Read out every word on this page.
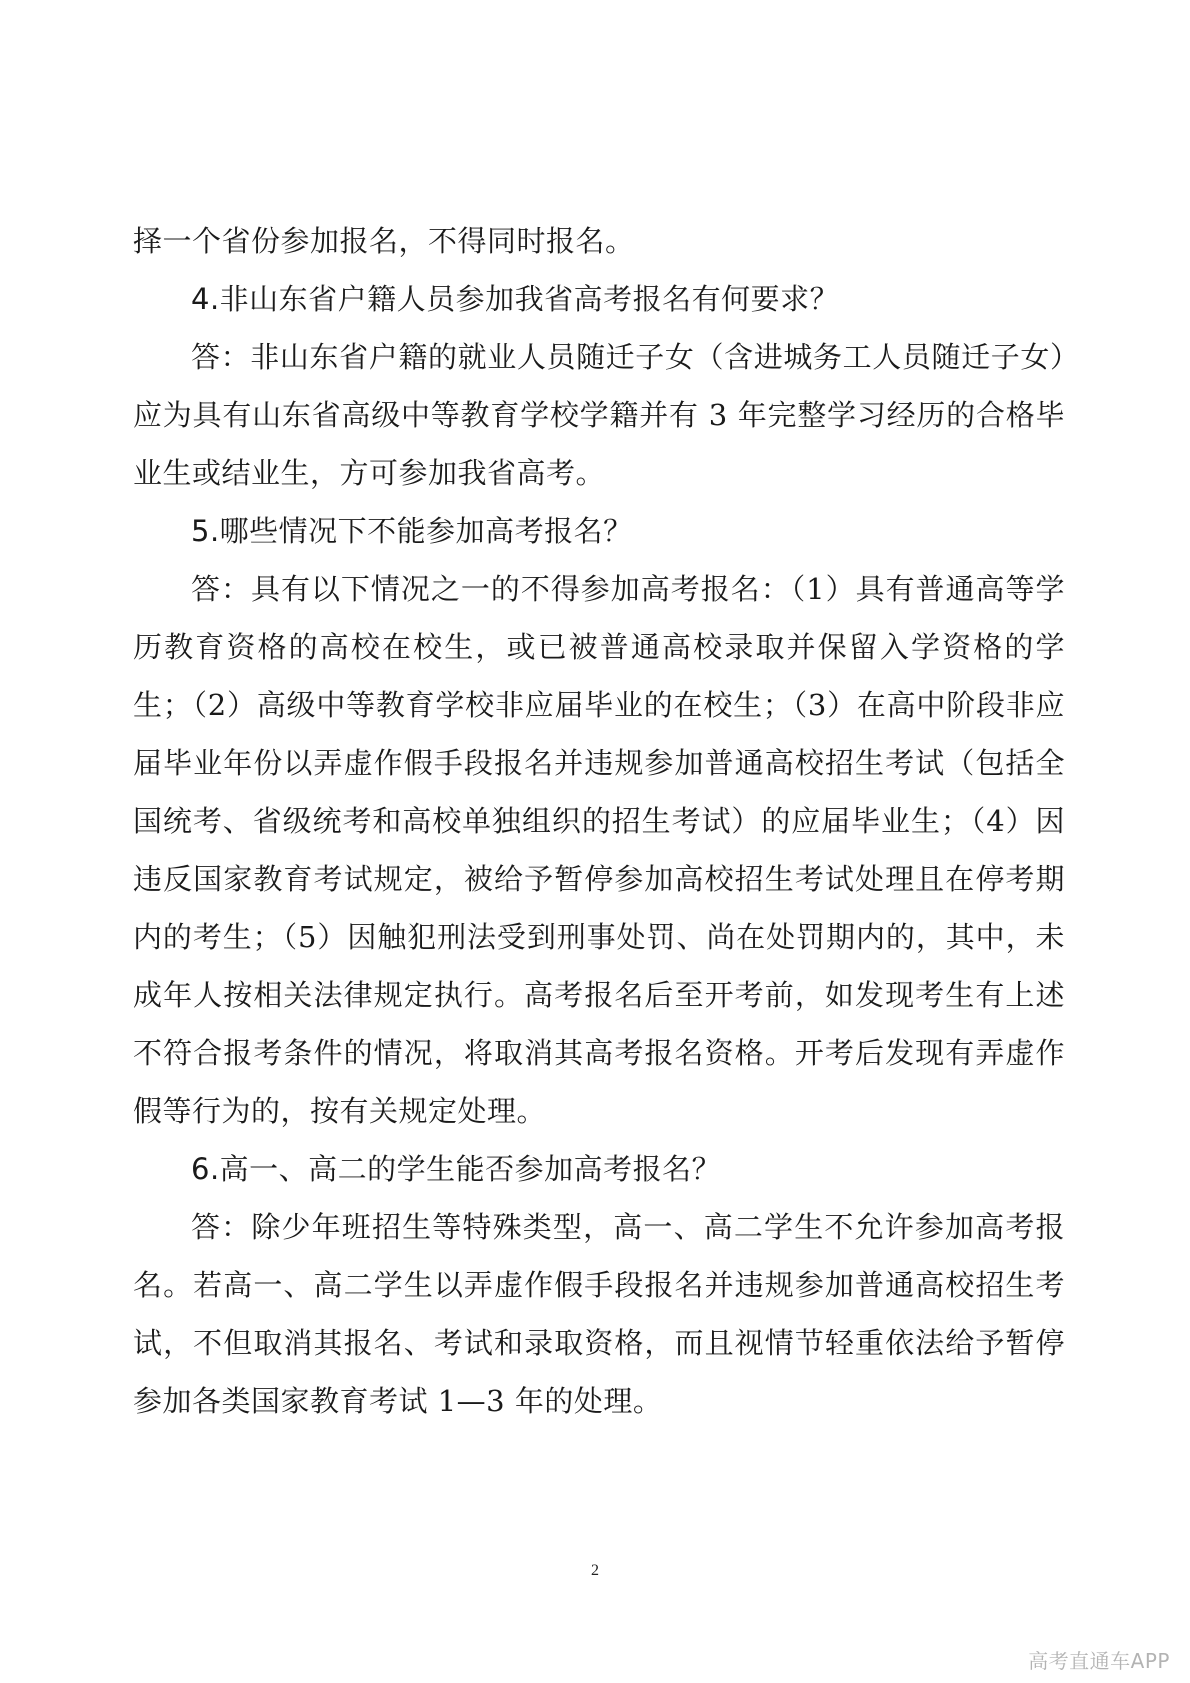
择一个省份参加报名，不得同时报名。

4.非山东省户籍人员参加我省高考报名有何要求？

答：非山东省户籍的就业人员随迁子女（含进城务工人员随迁子女）应为具有山东省高级中等教育学校学籍并有 3 年完整学习经历的合格毕业生或结业生，方可参加我省高考。

5.哪些情况下不能参加高考报名？

答：具有以下情况之一的不得参加高考报名：（1）具有普通高等学历教育资格的高校在校生，或已被普通高校录取并保留入学资格的学生；（2）高级中等教育学校非应届毕业的在校生；（3）在高中阶段非应届毕业年份以弄虚作假手段报名并违规参加普通高校招生考试（包括全国统考、省级统考和高校单独组织的招生考试）的应届毕业生；（4）因违反国家教育考试规定，被给予暂停参加高校招生考试处理且在停考期内的考生；（5）因触犯刑法受到刑事处罚、尚在处罚期内的，其中，未成年人按相关法律规定执行。高考报名后至开考前，如发现考生有上述不符合报考条件的情况，将取消其高考报名资格。开考后发现有弄虚作假等行为的，按有关规定处理。

6.高一、高二的学生能否参加高考报名？

答：除少年班招生等特殊类型，高一、高二学生不允许参加高考报名。若高一、高二学生以弄虚作假手段报名并违规参加普通高校招生考试，不但取消其报名、考试和录取资格，而且视情节轻重依法给予暂停参加各类国家教育考试 1—3 年的处理。

2
高考直通车APP
